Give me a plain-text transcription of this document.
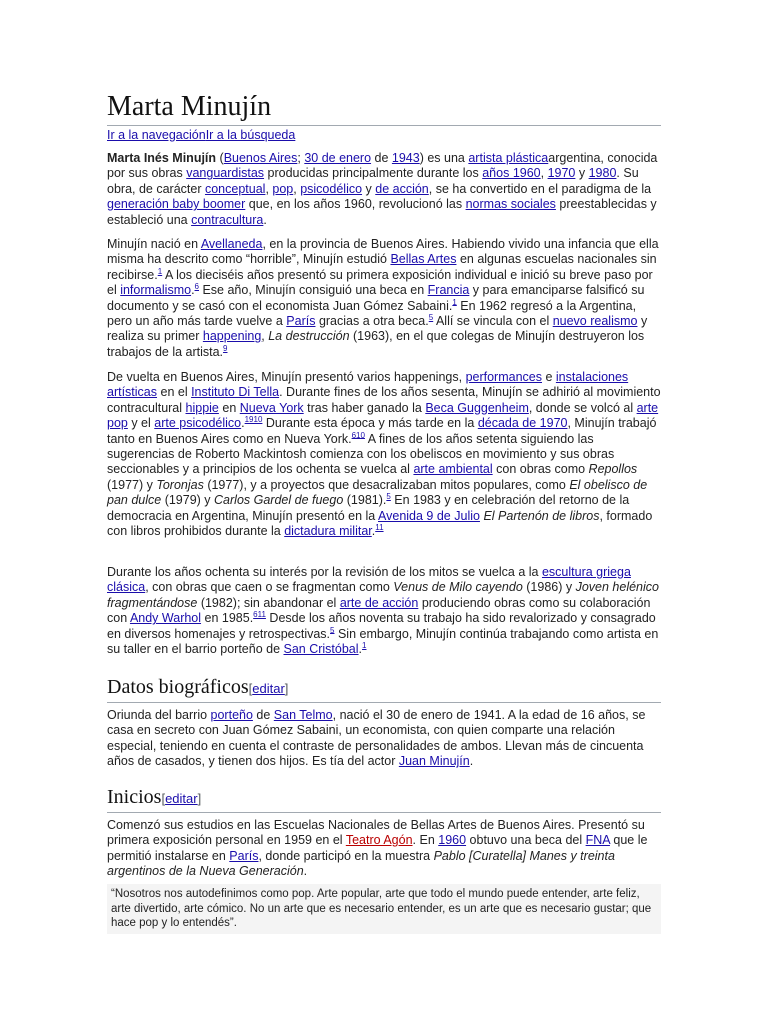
Marta Minujín
Ir a la navegaciónIr a la búsqueda

Marta Inés Minujín (Buenos Aires; 30 de enero de 1943) es una artista plásticaargentina, conocida por sus obras vanguardistas producidas principalmente durante los años 1960, 1970 y 1980. Su obra, de carácter conceptual, pop, psicodélico y de acción, se ha convertido en el paradigma de la generación baby boomer que, en los años 1960, revolucionó las normas sociales preestablecidas y estableció una contracultura.

Minujín nació en Avellaneda, en la provincia de Buenos Aires. Habiendo vivido una infancia que ella misma ha descrito como “horrible”, Minujín estudió Bellas Artes en algunas escuelas nacionales sin recibirse.$^1$ A los dieciséis años presentó su primera exposición individual e inició su breve paso por el informalismo.$^6$ Ese año, Minujín consiguió una beca en Francia y para emanciparse falsificó su documento y se casó con el economista Juan Gómez Sabaini.$^1$ En 1962 regresó a la Argentina, pero un año más tarde vuelve a París gracias a otra beca.$^5$ Allí se vincula con el nuevo realismo y realiza su primer happening, La destrucción (1963), en el que colegas de Minujín destruyeron los trabajos de la artista.$^9$

De vuelta en Buenos Aires, Minujín presentó varios happenings, performances e instalaciones artísticas en el Instituto Di Tella. Durante fines de los años sesenta, Minujín se adhirió al movimiento contracultural hippie en Nueva York tras haber ganado la Beca Guggenheim, donde se volcó al arte pop y el arte psicodélico.$^{1910}$ Durante esta época y más tarde en la década de 1970, Minujín trabajó tanto en Buenos Aires como en Nueva York.$^{610}$ A fines de los años setenta siguiendo las sugerencias de Roberto Mackintosh comienza con los obeliscos en movimiento y sus obras seccionables y a principios de los ochenta se vuelca al arte ambiental con obras como Repollos (1977) y Toronjas (1977), y a proyectos que desacralizaban mitos populares, como El obelisco de pan dulce (1979) y Carlos Gardel de fuego (1981).$^5$ En 1983 y en celebración del retorno de la democracia en Argentina, Minujín presentó en la Avenida 9 de Julio El Partenón de libros, formado con libros prohibidos durante la dictadura militar.$^{11}$

Durante los años ochenta su interés por la revisión de los mitos se vuelca a la escultura griega clásica, con obras que caen o se fragmentan como Venus de Milo cayendo (1986) y Joven helénico fragmentándose (1982); sin abandonar el arte de acción produciendo obras como su colaboración con Andy Warhol en 1985.$^{611}$ Desde los años noventa su trabajo ha sido revalorizado y consagrado en diversos homenajes y retrospectivas.$^5$ Sin embargo, Minujín continúa trabajando como artista en su taller en el barrio porteño de San Cristóbal.$^1$

Datos biográficos[editar]

Oriunda del barrio porteño de San Telmo, nació el 30 de enero de 1941. A la edad de 16 años, se casa en secreto con Juan Gómez Sabaini, un economista, con quien comparte una relación especial, teniendo en cuenta el contraste de personalidades de ambos. Llevan más de cincuenta años de casados, y tienen dos hijos. Es tía del actor Juan Minujín.

Inicios[editar]

Comenzó sus estudios en las Escuelas Nacionales de Bellas Artes de Buenos Aires. Presentó su primera exposición personal en 1959 en el Teatro Agón. En 1960 obtuvo una beca del FNA que le permitió instalarse en París, donde participó en la muestra Pablo [Curatella] Manes y treinta argentinos de la Nueva Generación.

“Nosotros nos autodefinimos como pop. Arte popular, arte que todo el mundo puede entender, arte feliz, arte divertido, arte cómico. No un arte que es necesario entender, es un arte que es necesario gustar; que hace pop y lo entendés”.
